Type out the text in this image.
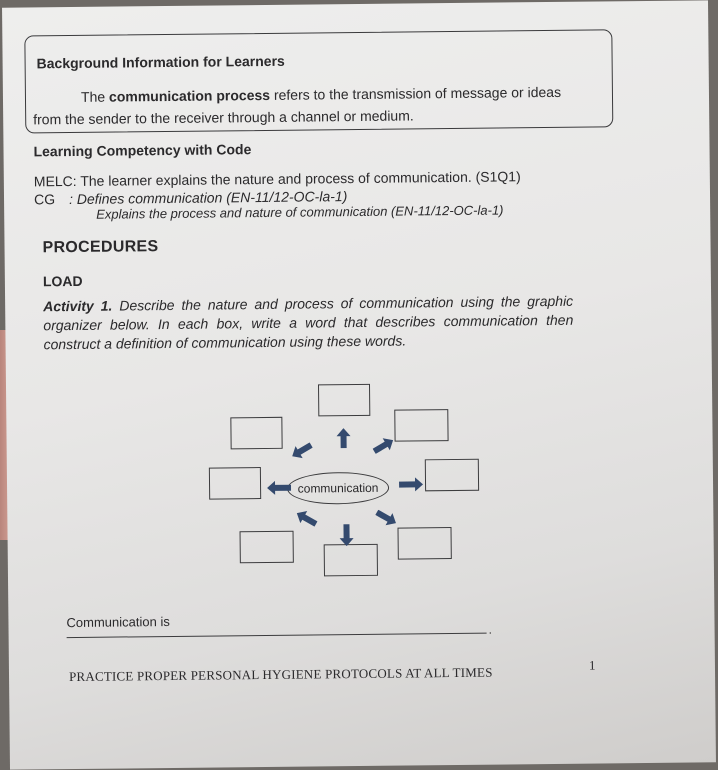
Background Information for Learners
The communication process refers to the transmission of message or ideas
from the sender to the receiver through a channel or medium.
Learning Competency with Code
MELC: The learner explains the nature and process of communication. (S1Q1)
CG : Defines communication (EN-11/12-OC-la-1)
Explains the process and nature of communication (EN-11/12-OC-la-1)
PROCEDURES
LOAD
Activity 1. Describe the nature and process of communication using the graphic organizer below. In each box, write a word that describes communication then construct a definition of communication using these words.
communication
Communication is	.
PRACTICE PROPER PERSONAL HYGIENE PROTOCOLS AT ALL TIMES	1
